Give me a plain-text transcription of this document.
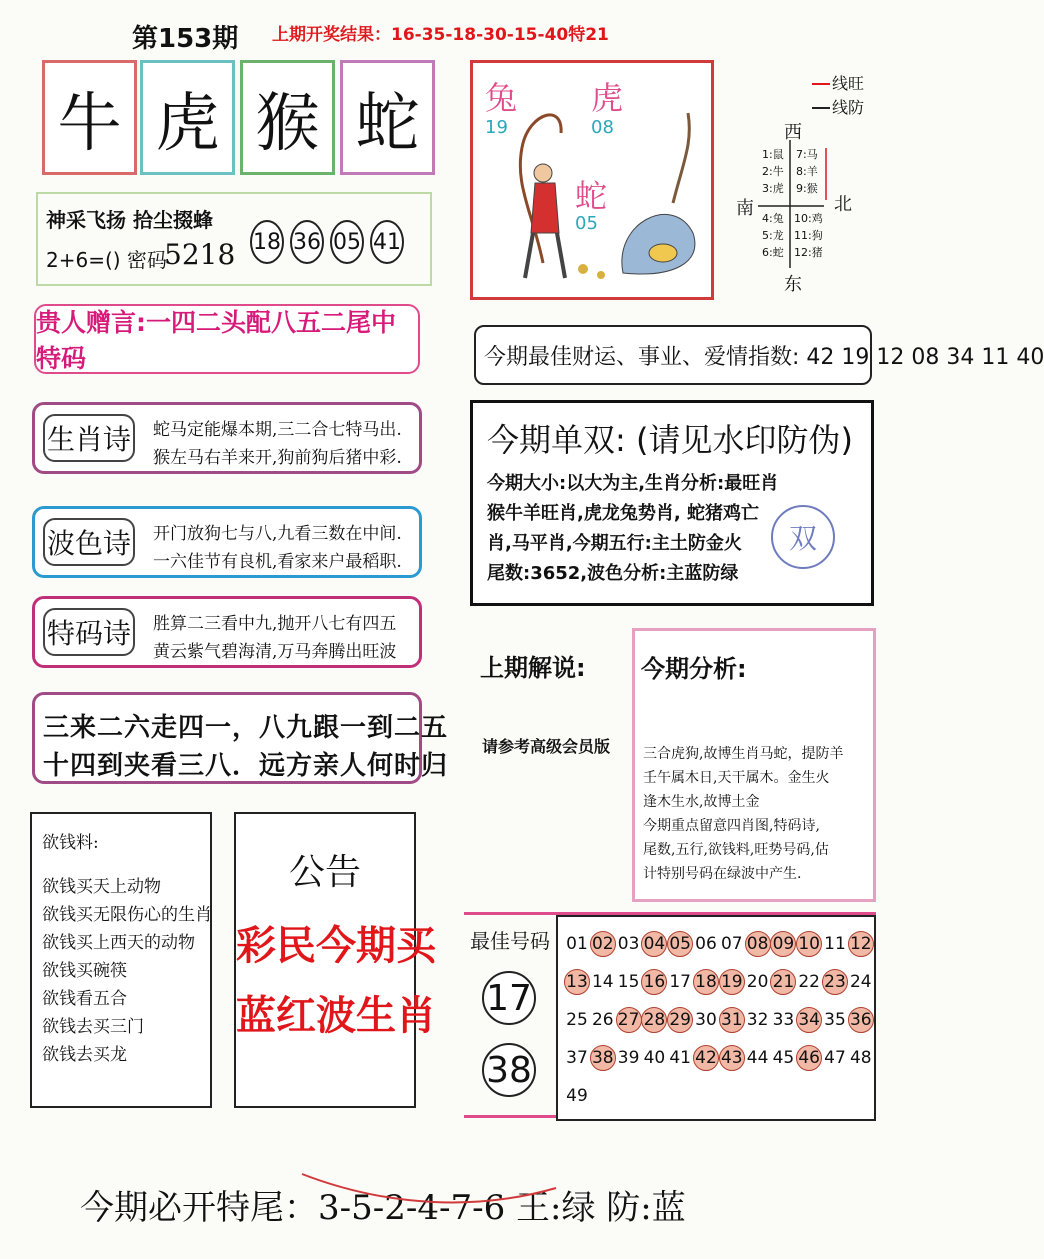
第153期 上期开奖结果：16-35-18-30-15-40特21
牛 虎 猴 蛇
神采飞扬 拾尘掇蜂
2+6=() 密码
5218 18 36 05 41
贵人赠言:一四二头配八五二尾中特码
生肖诗 蛇马定能爆本期,三二合七特马出.
猴左马右羊来开,狗前狗后猪中彩.
波色诗 开门放狗七与八,九看三数在中间.
一六佳节有良机,看家来户最稻职.
特码诗 胜算二三看中九,抛开八七有四五
黄云紫气碧海清,万马奔腾出旺波
三来二六走四一，八九跟一到二五
十四到夹看三八．远方亲人何时归
欲钱料:
欲钱买天上动物
欲钱买无限伤心的生肖
欲钱买上西天的动物
欲钱买碗筷
欲钱看五合
欲钱去买三门
欲钱去买龙
公告
彩民今期买
蓝红波生肖
兔
19
虎
08
蛇
05
线旺
线防
西
南	北
东
1:鼠
2:牛
3:虎
7:马
8:羊
9:猴
4:兔
5:龙
6:蛇
10:鸡
11:狗
12:猪
今期最佳财运、事业、爱情指数: 42 19 12 08 34 11 40
今期单双: (请见水印防伪)
今期大小:以大为主,生肖分析:最旺肖
猴牛羊旺肖,虎龙兔势肖, 蛇猪鸡亡
肖,马平肖,今期五行:主土防金火
尾数:3652,波色分析:主蓝防绿
双
上期解说:
请参考高级会员版
今期分析:
三合虎狗,故博生肖马蛇，提防羊
壬午属木日,天干属木。金生火
逢木生水,故博土金
今期重点留意四肖图,特码诗,
尾数,五行,欲钱料,旺势号码,估
计特别号码在绿波中产生.
最佳号码
17
38
01 02 03 04 05 06 07 08 09 10 11 12
13 14 15 16 17 18 19 20 21 22 23 24
25 26 27 28 29 30 31 32 33 34 35 36
37 38 39 40 41 42 43 44 45 46 47 48
49
今期必开特尾：3-5-2-4-7-6 王:绿 防:蓝
